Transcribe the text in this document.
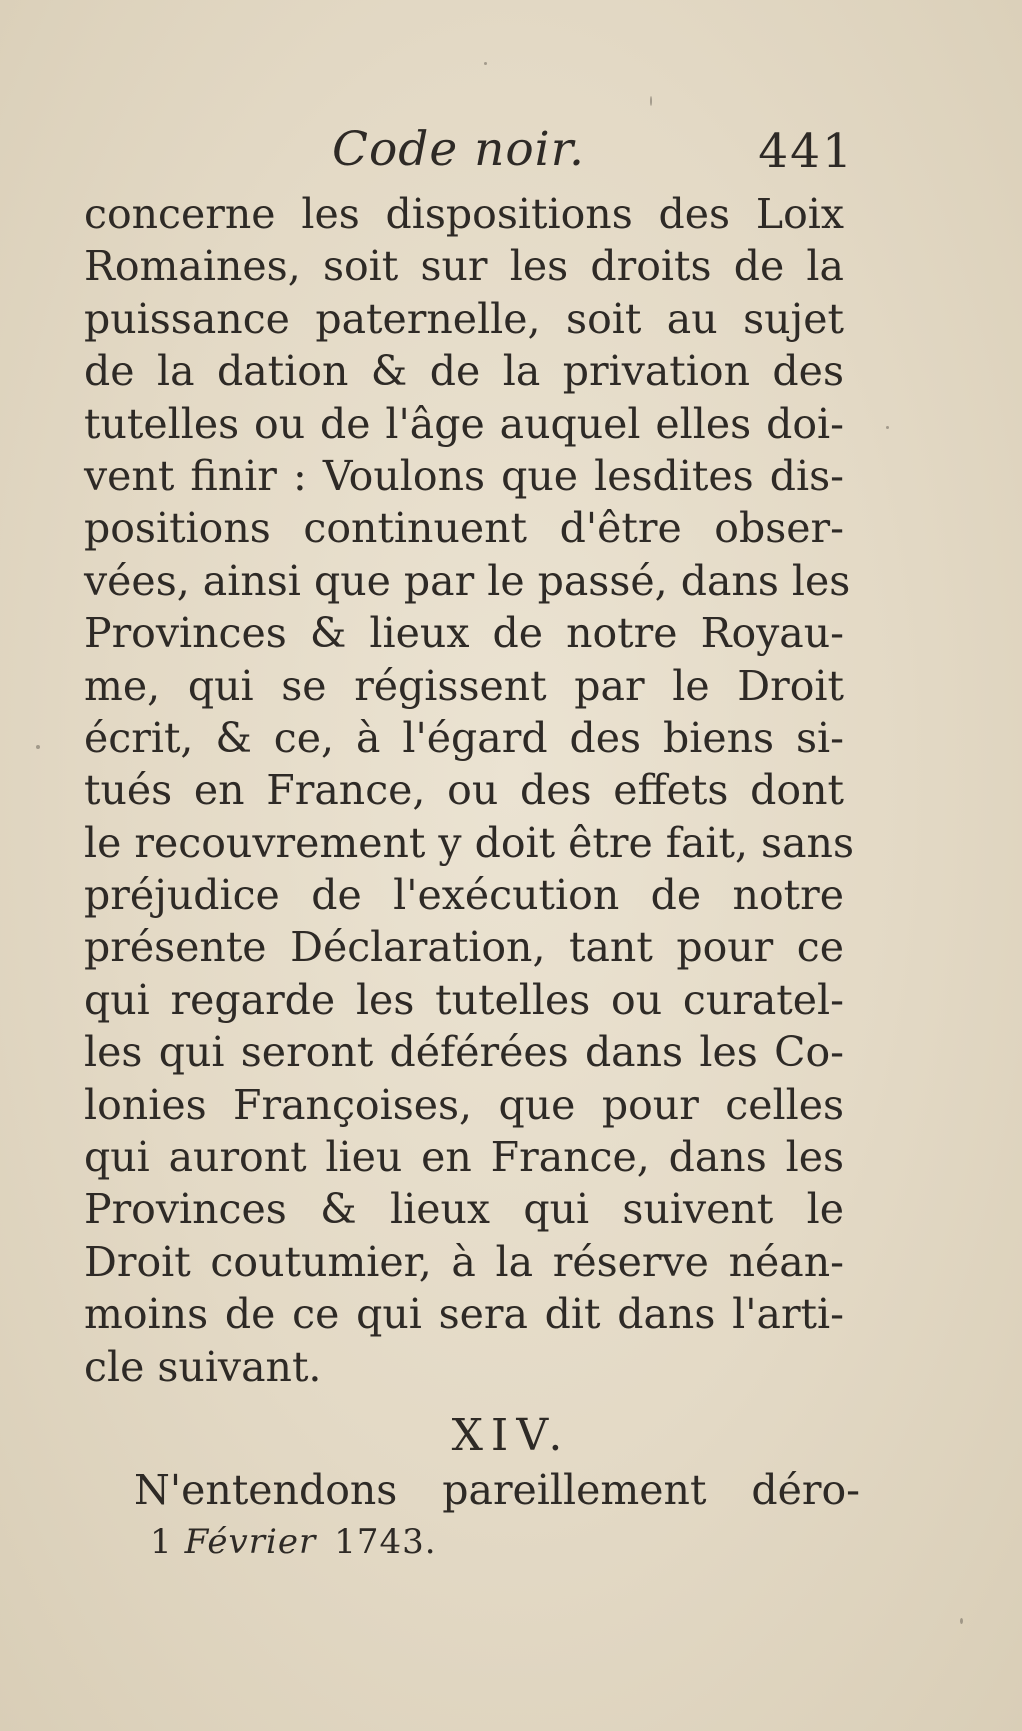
Code noir.	441
concerne les dispositions des Loix
Romaines, soit sur les droits de la
puissance paternelle, soit au sujet
de la dation & de la privation des
tutelles ou de l'âge auquel elles doi-
vent finir : Voulons que lesdites dis-
positions continuent d'être obser-
vées, ainsi que par le passé, dans les
Provinces & lieux de notre Royau-
me, qui se régissent par le Droit
écrit, & ce, à l'égard des biens si-
tués en France, ou des effets dont
le recouvrement y doit être fait, sans
préjudice de l'exécution de notre
présente Déclaration, tant pour ce
qui regarde les tutelles ou curatel-
les qui seront déférées dans les Co-
lonies Françoises, que pour celles
qui auront lieu en France, dans les
Provinces & lieux qui suivent le
Droit coutumier, à la réserve néan-
moins de ce qui sera dit dans l'arti-
cle suivant.
XIV.
N'entendons pareillement déro-
1 Février 1743.
